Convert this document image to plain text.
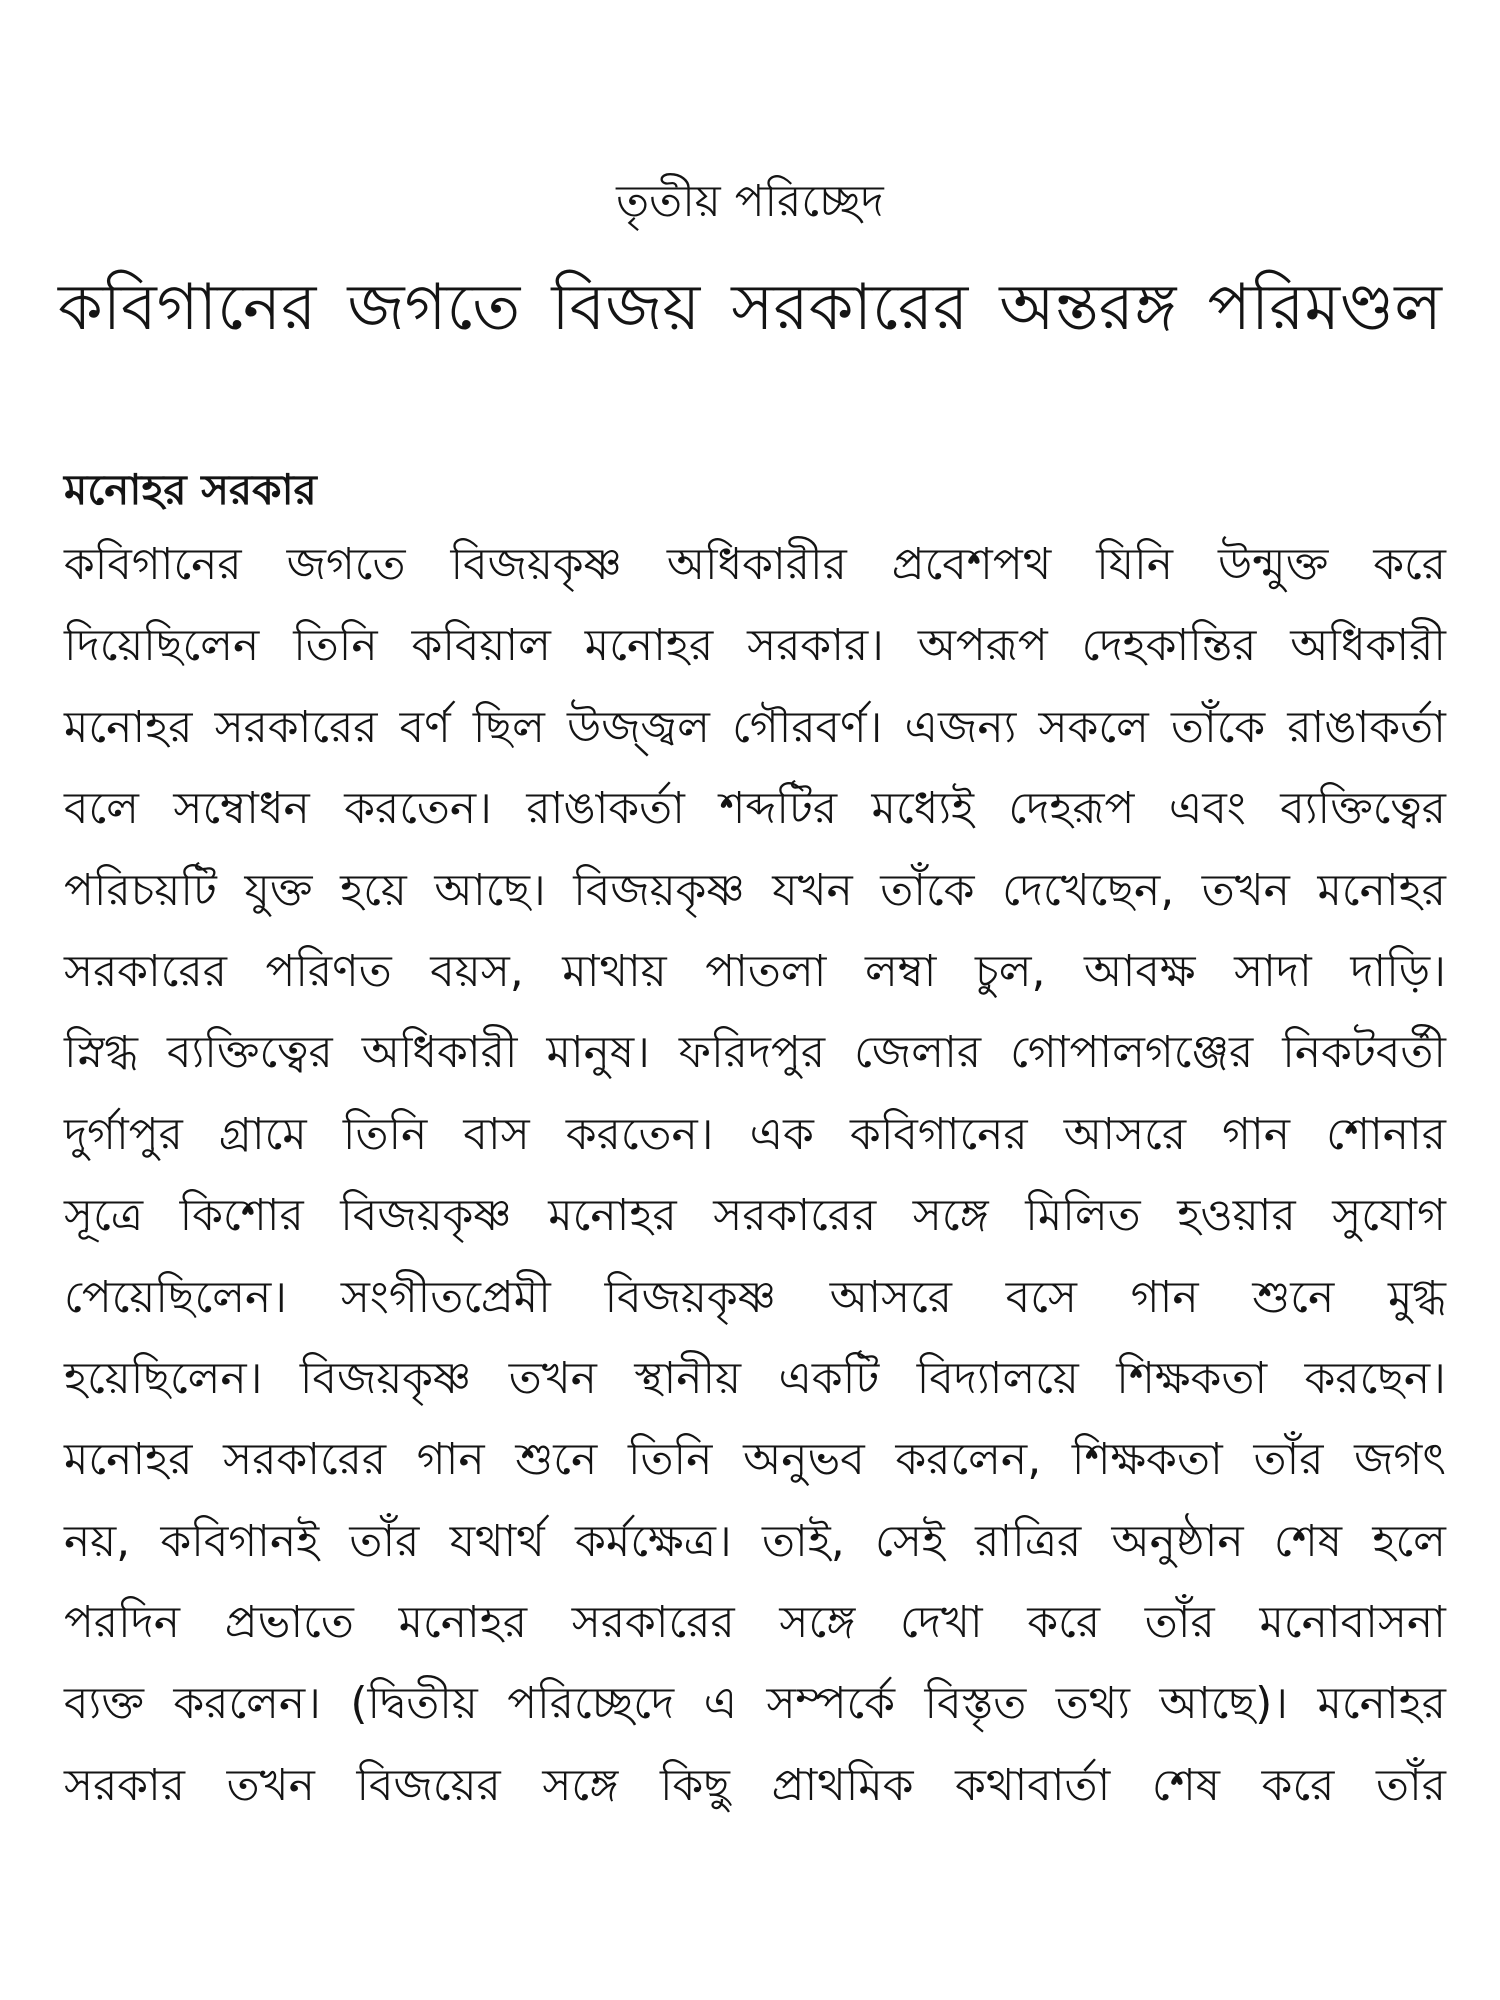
তৃতীয় পরিচ্ছেদ
কবিগানের জগতে বিজয় সরকারের অন্তরঙ্গ পরিমণ্ডল
মনোহর সরকার
কবিগানের জগতে বিজয়কৃষ্ণ অধিকারীর প্রবেশপথ যিনি উন্মুক্ত করে
দিয়েছিলেন তিনি কবিয়াল মনোহর সরকার। অপরূপ দেহকান্তির অধিকারী
মনোহর সরকারের বর্ণ ছিল উজ্জ্বল গৌরবর্ণ। এজন্য সকলে তাঁকে রাঙাকর্তা
বলে সম্বোধন করতেন। রাঙাকর্তা শব্দটির মধ্যেই দেহরূপ এবং ব্যক্তিত্বের
পরিচয়টি যুক্ত হয়ে আছে। বিজয়কৃষ্ণ যখন তাঁকে দেখেছেন, তখন মনোহর
সরকারের পরিণত বয়স, মাথায় পাতলা লম্বা চুল, আবক্ষ সাদা দাড়ি।
স্নিগ্ধ ব্যক্তিত্বের অধিকারী মানুষ। ফরিদপুর জেলার গোপালগঞ্জের নিকটবর্তী
দুর্গাপুর গ্রামে তিনি বাস করতেন। এক কবিগানের আসরে গান শোনার
সূত্রে কিশোর বিজয়কৃষ্ণ মনোহর সরকারের সঙ্গে মিলিত হওয়ার সুযোগ
পেয়েছিলেন। সংগীতপ্রেমী বিজয়কৃষ্ণ আসরে বসে গান শুনে মুগ্ধ
হয়েছিলেন। বিজয়কৃষ্ণ তখন স্থানীয় একটি বিদ্যালয়ে শিক্ষকতা করছেন।
মনোহর সরকারের গান শুনে তিনি অনুভব করলেন, শিক্ষকতা তাঁর জগৎ
নয়, কবিগানই তাঁর যথার্থ কর্মক্ষেত্র। তাই, সেই রাত্রির অনুষ্ঠান শেষ হলে
পরদিন প্রভাতে মনোহর সরকারের সঙ্গে দেখা করে তাঁর মনোবাসনা
ব্যক্ত করলেন। (দ্বিতীয় পরিচ্ছেদে এ সম্পর্কে বিস্তৃত তথ্য আছে)। মনোহর
সরকার তখন বিজয়ের সঙ্গে কিছু প্রাথমিক কথাবার্তা শেষ করে তাঁর
